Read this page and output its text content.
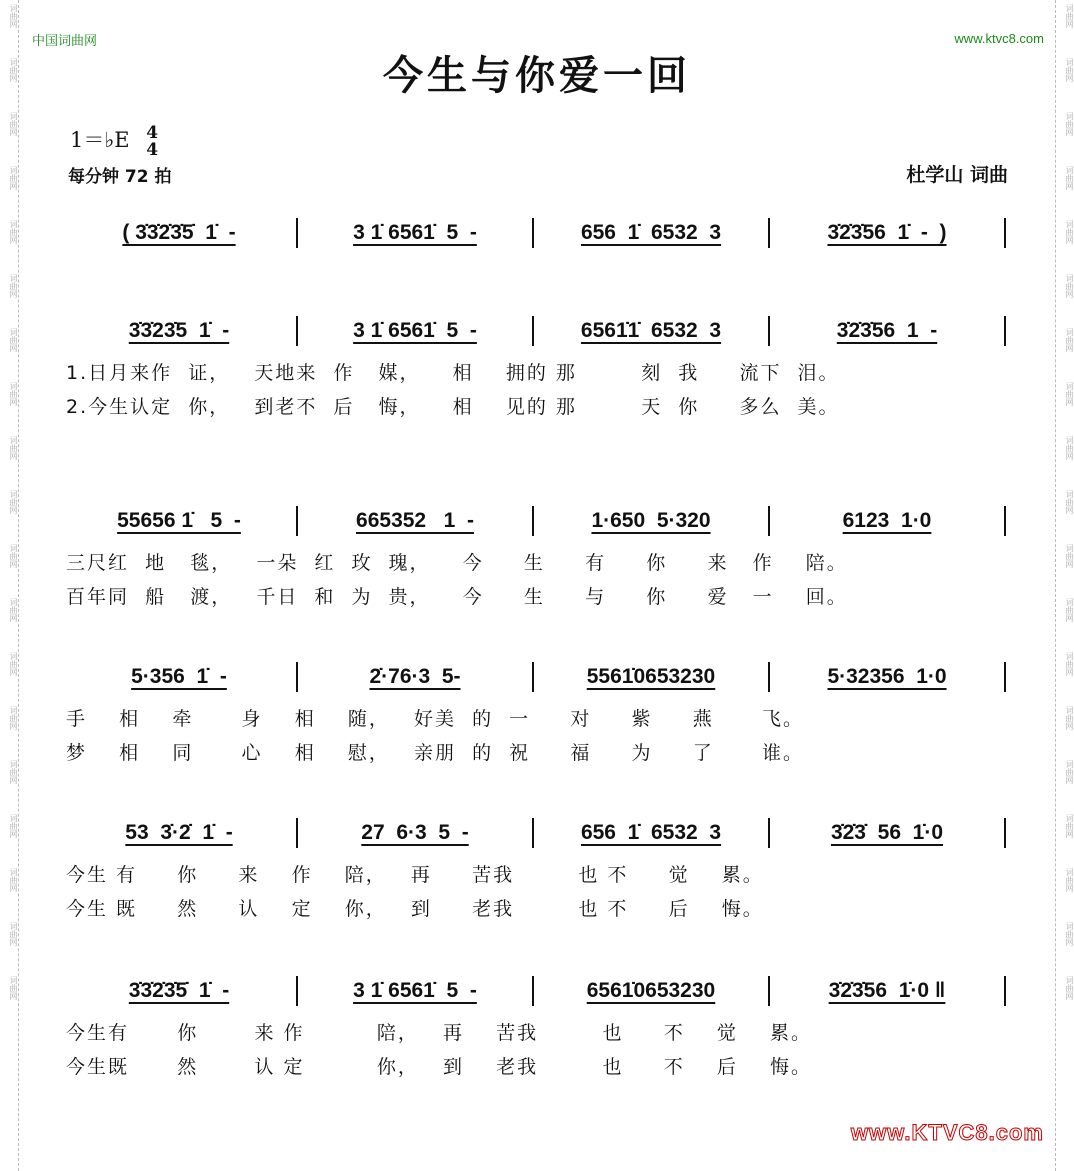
词曲网
词曲网
词曲网
词曲网
词曲网
词曲网
词曲网
词曲网
词曲网
词曲网
词曲网
词曲网
词曲网
词曲网
词曲网
词曲网
词曲网
词曲网
词曲网
词曲网
词曲网
词曲网
词曲网
词曲网
词曲网
词曲网
词曲网
词曲网
词曲网
词曲网
词曲网
词曲网
词曲网
词曲网
词曲网
词曲网
词曲网
词曲网
中国词曲网	www.ktvc8.com
今生与你爱一回
1＝♭E 4
4
每分钟 72 拍	杜学山 词曲
( 3̇3̇2̇3̇5̇  1̇  -	3 1̇ 6561̇  5  -	656  1̇  6532  3	3̇2̇3̇56  1̇  -  )
3̇3̇23̇5  1̇  -	3 1̇ 6561̇  5  -	6561̇1̇  6532  3	3̇2̇3̇56  1  -
1.日月来作  证，   天地来  作   媒，    相    拥的 那        刻  我     流下  泪。
2.今生认定  你，   到老不  后   悔，    相    见的 那        天  你     多么  美。
55656 1̇   5  -	665352   1  -	1·650  5·320	6123  1·0
三尺红  地   毯，   一朵  红  玫  瑰，    今     生     有     你     来   作    陪。
百年同  船   渡，   千日  和  为  贵，    今     生     与     你     爱   一    回。
5·356  1̇  -	2̇·76·3  5-	5561̇0653230	5·32356  1·0
手    相    牵      身    相    随，   好美  的  一     对     紫     燕      飞。
梦    相    同      心    相    慰，   亲朋  的  祝     福     为     了      谁。
53  3̇·2̇  1̇  -	27  6·3  5  -	656  1̇  6532  3	3̇2̇3̇  56  1̇·0
今生 有     你     来    作    陪，   再     苦我        也 不     觉    累。
今生 既     然     认    定    你，   到     老我        也 不     后    悔。
3̇3̇2̇3̇5̇  1̇  -	3 1̇ 6561̇  5  -	6561̇0653230	3̇2̇3̇56  1̇·0 ‖
今生有      你       来 作         陪，   再    苦我        也     不    觉    累。
今生既      然       认 定         你，   到    老我        也     不    后    悔。
www.KTVC8.com
